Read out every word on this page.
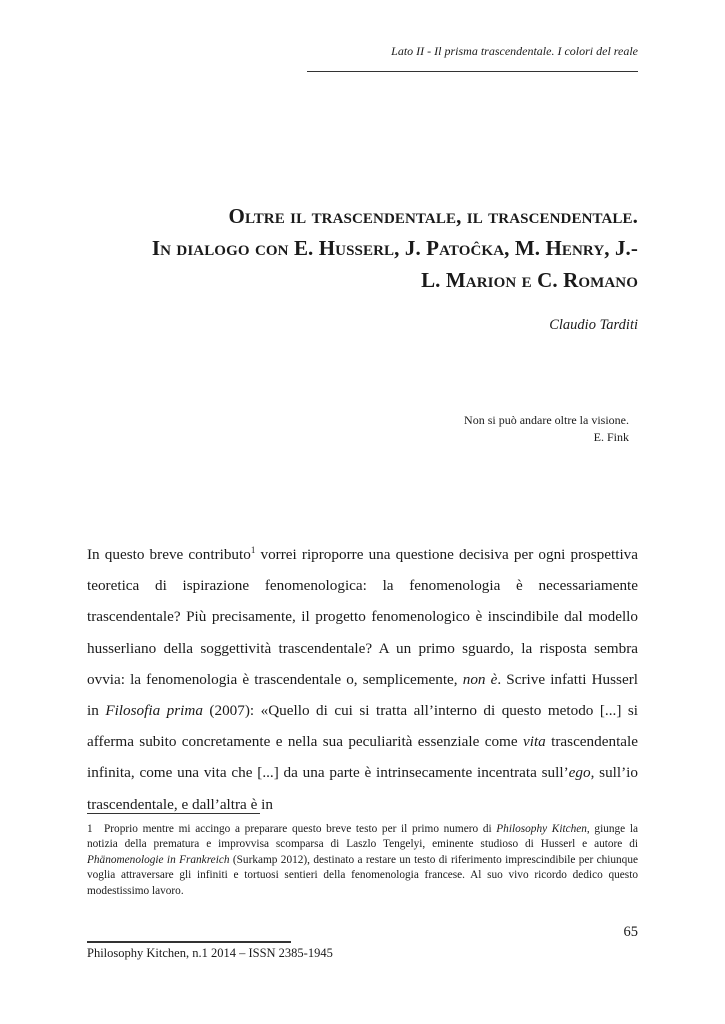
Lato II - Il prisma trascendentale. I colori del reale
Oltre il trascendentale, il trascendentale.
In dialogo con E. Husserl, J. Patoĉka, M. Henry, J.-
L. Marion e C. Romano
Claudio Tarditi
Non si può andare oltre la visione.
E. Fink

In questo breve contributo$^1$ vorrei riproporre una questione decisiva per ogni prospettiva teoretica di ispirazione fenomenologica: la fenomenologia è necessariamente trascendentale? Più precisamente, il progetto fenomenologico è inscindibile dal modello husserliano della soggettività trascendentale? A un primo sguardo, la risposta sembra ovvia: la fenomenologia è trascendentale o, semplicemente, non è. Scrive infatti Husserl in Filosofia prima (2007): «Quello di cui si tratta all’interno di questo metodo [...] si afferma subito concretamente e nella sua peculiarità essenziale come vita trascendentale infinita, come una vita che [...] da una parte è intrinsecamente incentrata sull’ego, sull’io trascendentale, e dall’altra è in

1 Proprio mentre mi accingo a preparare questo breve testo per il primo numero di Philosophy Kitchen, giunge la notizia della prematura e improvvisa scomparsa di Laszlo Tengelyi, eminente studioso di Husserl e autore di Phänomenologie in Frankreich (Surkamp 2012), destinato a restare un testo di riferimento imprescindibile per chiunque voglia attraversare gli infiniti e tortuosi sentieri della fenomenologia francese. Al suo vivo ricordo dedico questo modestissimo lavoro.
65
Philosophy Kitchen, n.1 2014 – ISSN 2385-1945
